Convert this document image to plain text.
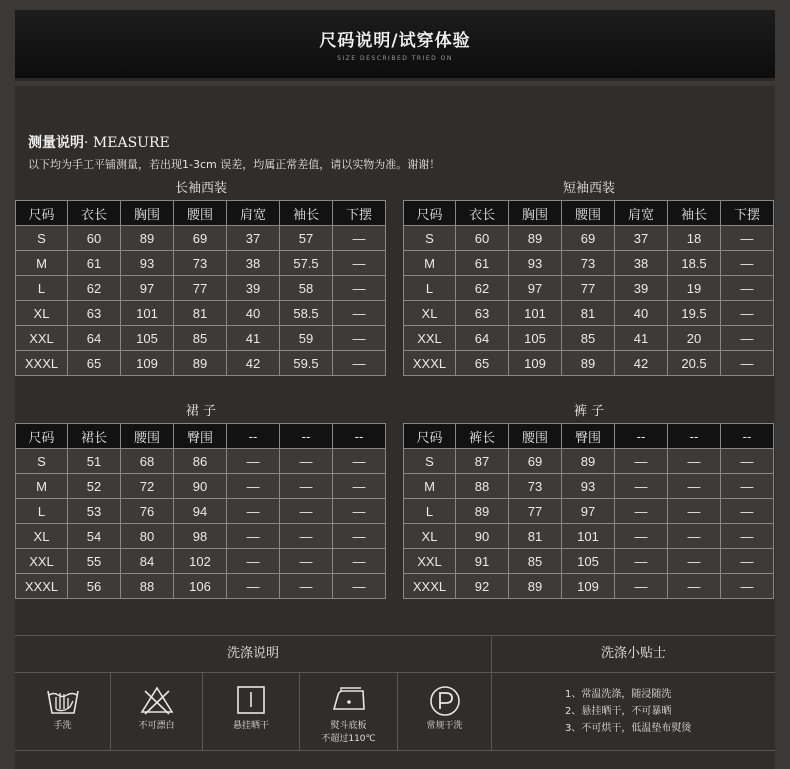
尺码说明/试穿体验
SIZE DESCRIBED TRIED ON
测量说明· MEASURE
以下均为手工平铺测量，若出现1-3cm 误差，均属正常差值，请以实物为准。谢谢！
长袖西装	短袖西装
裙 子	裤 子
尺码	衣长	胸围	腰围	肩宽	袖长	下摆
S	60	89	69	37	57	—
M	61	93	73	38	57.5	—
L	62	97	77	39	58	—
XL	63	101	81	40	58.5	—
XXL	64	105	85	41	59	—
XXXL	65	109	89	42	59.5	—
尺码	衣长	胸围	腰围	肩宽	袖长	下摆
S	60	89	69	37	18	—
M	61	93	73	38	18.5	—
L	62	97	77	39	19	—
XL	63	101	81	40	19.5	—
XXL	64	105	85	41	20	—
XXXL	65	109	89	42	20.5	—
尺码	裙长	腰围	臀围	--	--	--
S	51	68	86	—	—	—
M	52	72	90	—	—	—
L	53	76	94	—	—	—
XL	54	80	98	—	—	—
XXL	55	84	102	—	—	—
XXXL	56	88	106	—	—	—
尺码	裤长	腰围	臀围	--	--	--
S	87	69	89	—	—	—
M	88	73	93	—	—	—
L	89	77	97	—	—	—
XL	90	81	101	—	—	—
XXL	91	85	105	—	—	—
XXXL	92	89	109	—	—	—
洗涤说明	洗涤小贴士
手洗	不可漂白	悬挂晒干	熨斗底板
不超过110℃
常规干洗
1、常温洗涤，随浸随洗
2、悬挂晒干，不可暴晒
3、不可烘干，低温垫布熨烫
